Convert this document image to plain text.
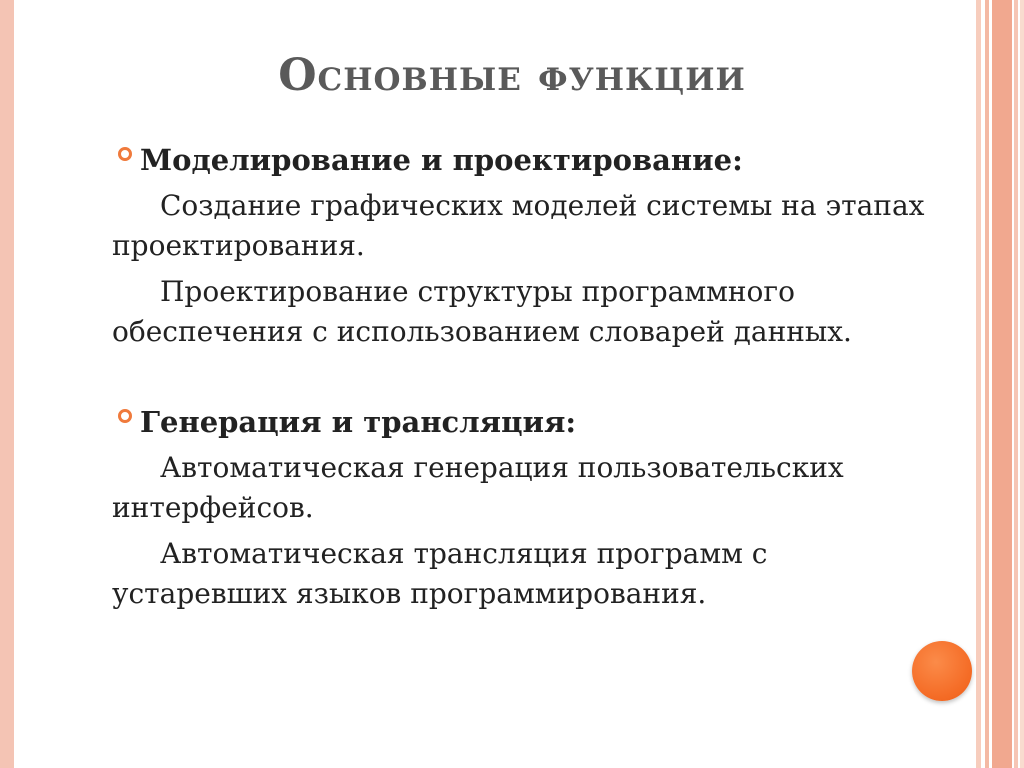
Основные функции
Моделирование и проектирование:

Создание графических моделей системы на этапах проектирования.

Проектирование структуры программного обеспечения с использованием словарей данных.

Генерация и трансляция:

Автоматическая генерация пользовательских интерфейсов.

Автоматическая трансляция программ с устаревших языков программирования.
